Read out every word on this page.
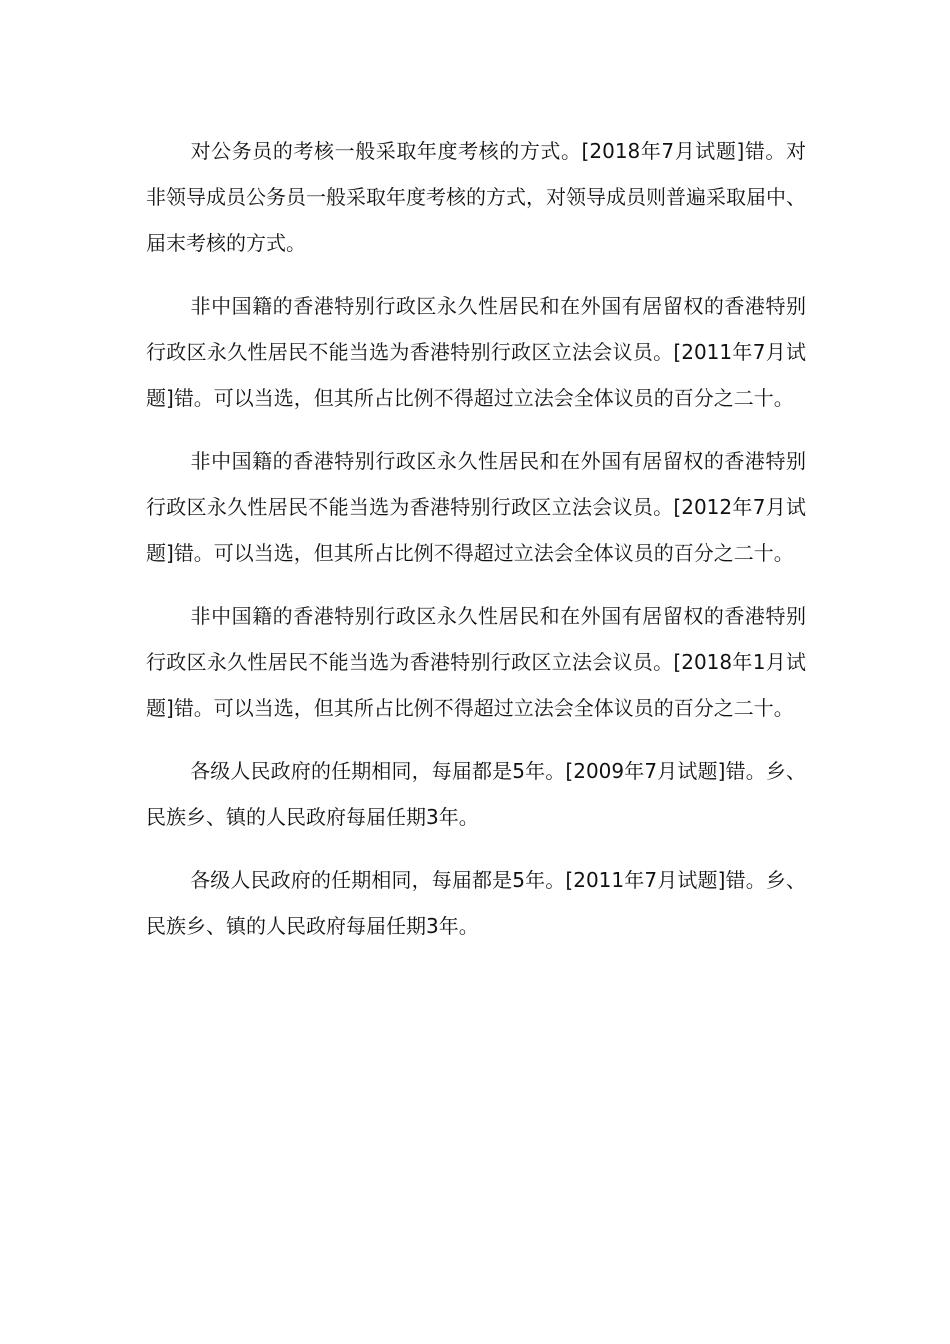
对公务员的考核一般采取年度考核的方式。[2018年7月试题]错。对非领导成员公务员一般采取年度考核的方式，对领导成员则普遍采取届中、届末考核的方式。

非中国籍的香港特别行政区永久性居民和在外国有居留权的香港特别行政区永久性居民不能当选为香港特别行政区立法会议员。[2011年7月试题]错。可以当选，但其所占比例不得超过立法会全体议员的百分之二十。

非中国籍的香港特别行政区永久性居民和在外国有居留权的香港特别行政区永久性居民不能当选为香港特别行政区立法会议员。[2012年7月试题]错。可以当选，但其所占比例不得超过立法会全体议员的百分之二十。

非中国籍的香港特别行政区永久性居民和在外国有居留权的香港特别行政区永久性居民不能当选为香港特别行政区立法会议员。[2018年1月试题]错。可以当选，但其所占比例不得超过立法会全体议员的百分之二十。

各级人民政府的任期相同，每届都是5年。[2009年7月试题]错。乡、民族乡、镇的人民政府每届任期3年。

各级人民政府的任期相同，每届都是5年。[2011年7月试题]错。乡、民族乡、镇的人民政府每届任期3年。
